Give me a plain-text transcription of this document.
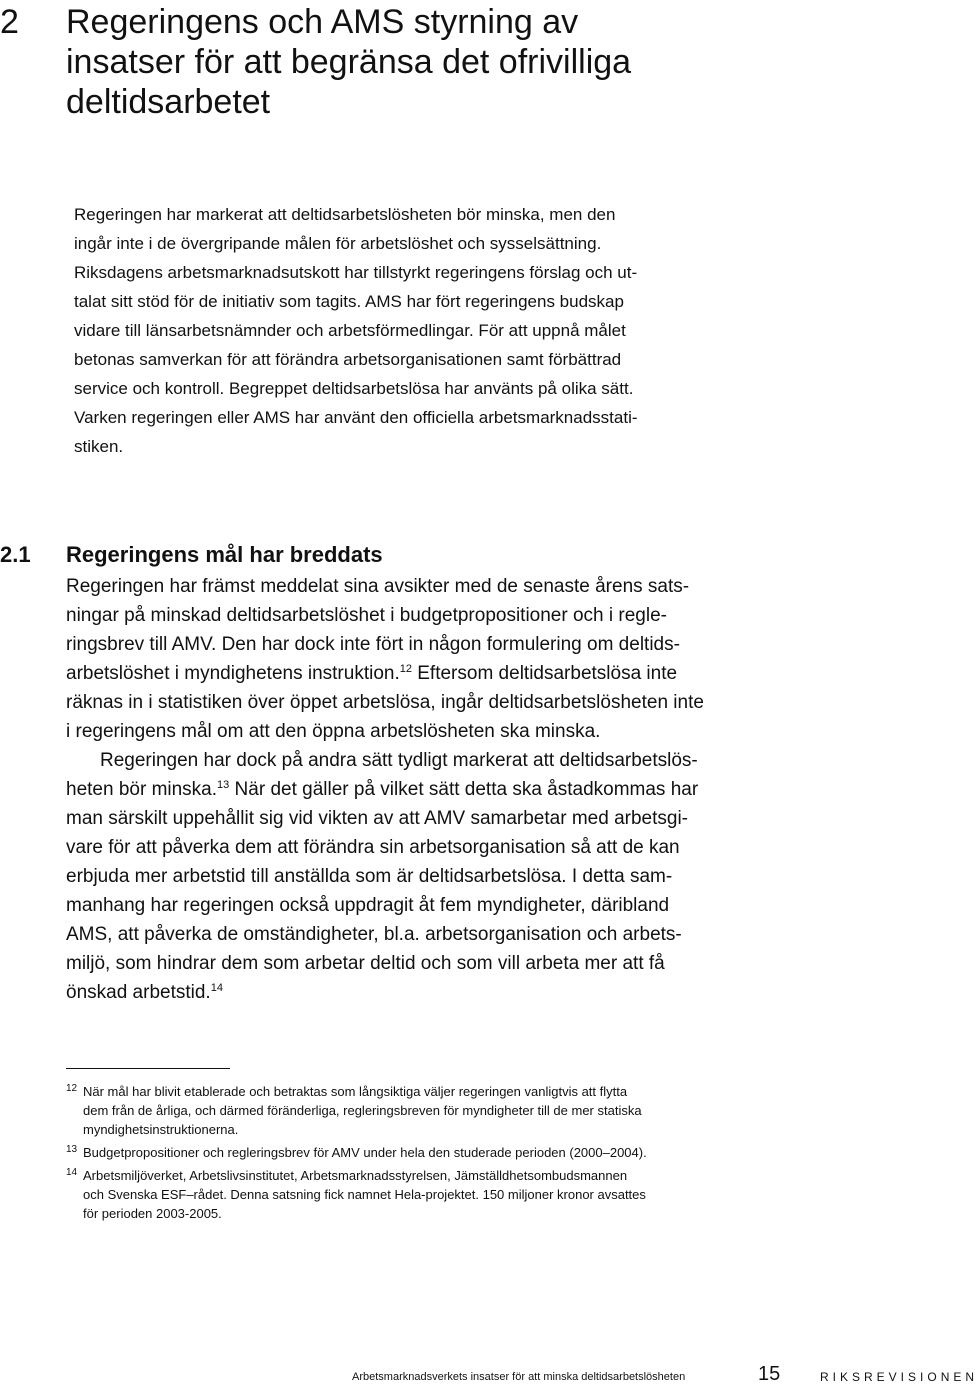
2 Regeringens och AMS styrning av
insatser för att begränsa det ofrivilliga
deltidsarbetet

Regeringen har markerat att deltidsarbetslösheten bör minska, men den
ingår inte i de övergripande målen för arbetslöshet och sysselsättning.
Riksdagens arbetsmarknadsutskott har tillstyrkt regeringens förslag och ut-
talat sitt stöd för de initiativ som tagits. AMS har fört regeringens budskap
vidare till länsarbetsnämnder och arbetsförmedlingar. För att uppnå målet
betonas samverkan för att förändra arbetsorganisationen samt förbättrad
service och kontroll. Begreppet deltidsarbetslösa har använts på olika sätt.
Varken regeringen eller AMS har använt den officiella arbetsmarknadsstati-
stiken.

2.1 Regeringens mål har breddats
Regeringen har främst meddelat sina avsikter med de senaste årens sats-
ningar på minskad deltidsarbetslöshet i budgetpropositioner och i regle-
ringsbrev till AMV. Den har dock inte fört in någon formulering om deltids-
arbetslöshet i myndighetens instruktion.$^{12}$ Eftersom deltidsarbetslösa inte
räknas in i statistiken över öppet arbetslösa, ingår deltidsarbetslösheten inte
i regeringens mål om att den öppna arbetslösheten ska minska.
Regeringen har dock på andra sätt tydligt markerat att deltidsarbetslös-
heten bör minska.$^{13}$ När det gäller på vilket sätt detta ska åstadkommas har
man särskilt uppehållit sig vid vikten av att AMV samarbetar med arbetsgi-
vare för att påverka dem att förändra sin arbetsorganisation så att de kan
erbjuda mer arbetstid till anställda som är deltidsarbetslösa. I detta sam-
manhang har regeringen också uppdragit åt fem myndigheter, däribland
AMS, att påverka de omständigheter, bl.a. arbetsorganisation och arbets-
miljö, som hindrar dem som arbetar deltid och som vill arbeta mer att få
önskad arbetstid.$^{14}$
12 När mål har blivit etablerade och betraktas som långsiktiga väljer regeringen vanligtvis att flytta
dem från de årliga, och därmed föränderliga, regleringsbreven för myndigheter till de mer statiska
myndighetsinstruktionerna.
13 Budgetpropositioner och regleringsbrev för AMV under hela den studerade perioden (2000–2004).
14 Arbetsmiljöverket, Arbetslivsinstitutet, Arbetsmarknadsstyrelsen, Jämställdhetsombudsmannen
och Svenska ESF–rådet. Denna satsning fick namnet Hela-projektet. 150 miljoner kronor avsattes
för perioden 2003-2005.
Arbetsmarknadsverkets insatser för att minska deltidsarbetslösheten	15	RIKSREVISIONEN
